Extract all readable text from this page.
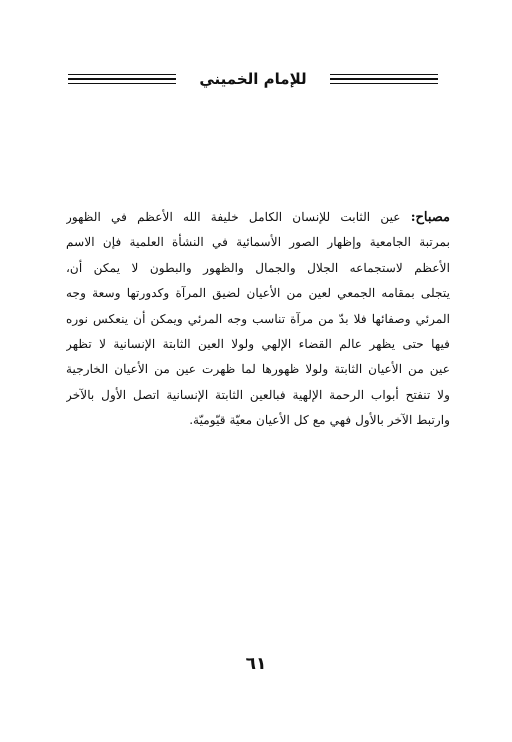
للإمام الخميني
مصباح: عين الثابت للإنسان الكامل خليفة الله الأعظم في الظهور
بمرتبة الجامعية وإظهار الصور الأسمائية في النشأة العلمية فإن الاسم
الأعظم لاستجماعه الجلال والجمال والظهور والبطون لا يمكن أن،
يتجلى بمقامه الجمعي لعين من الأعيان لضيق المرآة وكدورتها وسعة وجه
المرئي وصفائها فلا بدّ من مرآة تناسب وجه المرئي ويمكن أن ينعكس نوره
فيها حتى يظهر عالم القضاء الإلهي ولولا العين الثابتة الإنسانية لا تظهر
عين من الأعيان الثابتة ولولا ظهورها لما ظهرت عين من الأعيان الخارجية
ولا تنفتح أبواب الرحمة الإلهية فبالعين الثابتة الإنسانية اتصل الأول بالآخر
وارتبط الآخر بالأول فهي مع كل الأعيان معيّة قيّوميّة.
٦١
